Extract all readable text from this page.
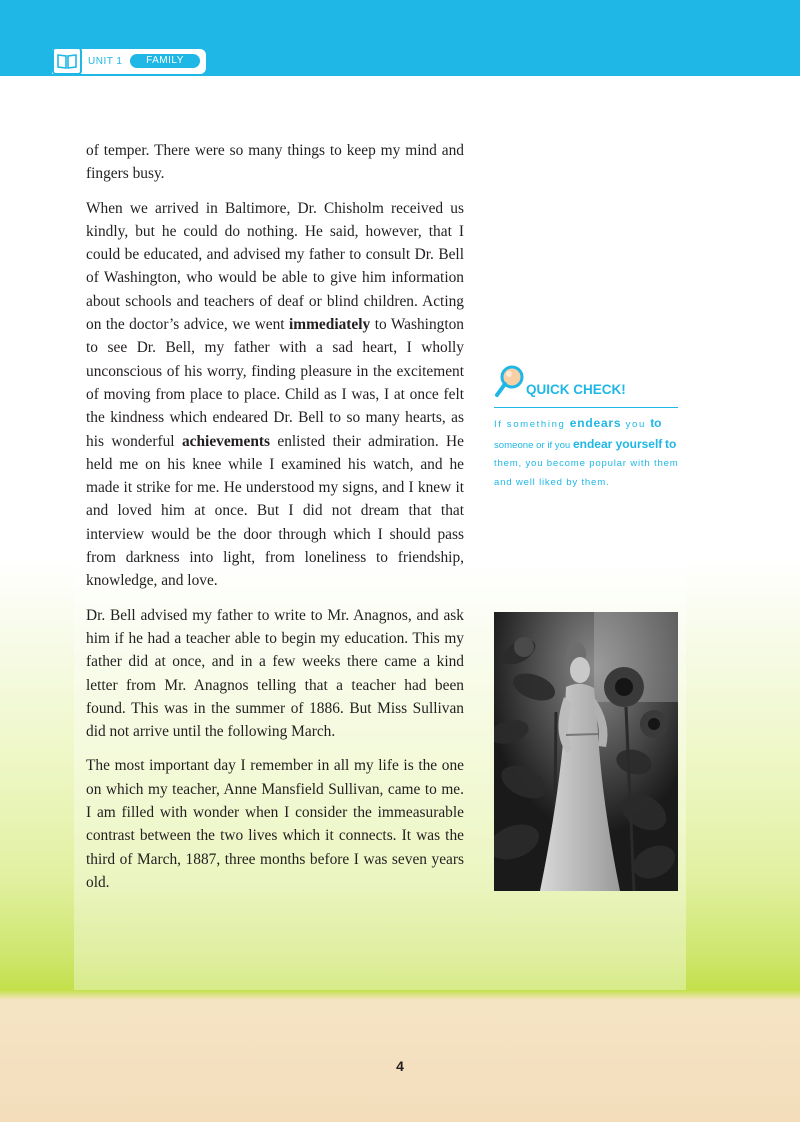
UNIT 1	FAMILY

of temper. There were so many things to keep my mind and fingers busy.

When we arrived in Baltimore, Dr. Chisholm received us kindly, but he could do nothing. He said, however, that I could be educated, and advised my father to consult Dr. Bell of Washington, who would be able to give him information about schools and teachers of deaf or blind children. Acting on the doctor’s advice, we went immediately to Washington to see Dr. Bell, my father with a sad heart, I wholly unconscious of his worry, finding pleasure in the excitement of moving from place to place. Child as I was, I at once felt the kindness which endeared Dr. Bell to so many hearts, as his wonderful achievements enlisted their admiration. He held me on his knee while I examined his watch, and he made it strike for me. He understood my signs, and I knew it and loved him at once. But I did not dream that that interview would be the door through which I should pass from darkness into light, from loneliness to friendship, knowledge, and love.

Dr. Bell advised my father to write to Mr. Anagnos, and ask him if he had a teacher able to begin my education. This my father did at once, and in a few weeks there came a kind letter from Mr. Anagnos telling that a teacher had been found. This was in the summer of 1886. But Miss Sullivan did not arrive until the following March.

The most important day I remember in all my life is the one on which my teacher, Anne Mansfield Sullivan, came to me. I am filled with wonder when I consider the immeasurable contrast between the two lives which it connects. It was the third of March, 1887, three months before I was seven years old.

QUICK CHECK!
If something endears you to someone or if you endear yourself to them, you become popular with them and well liked by them.
4
